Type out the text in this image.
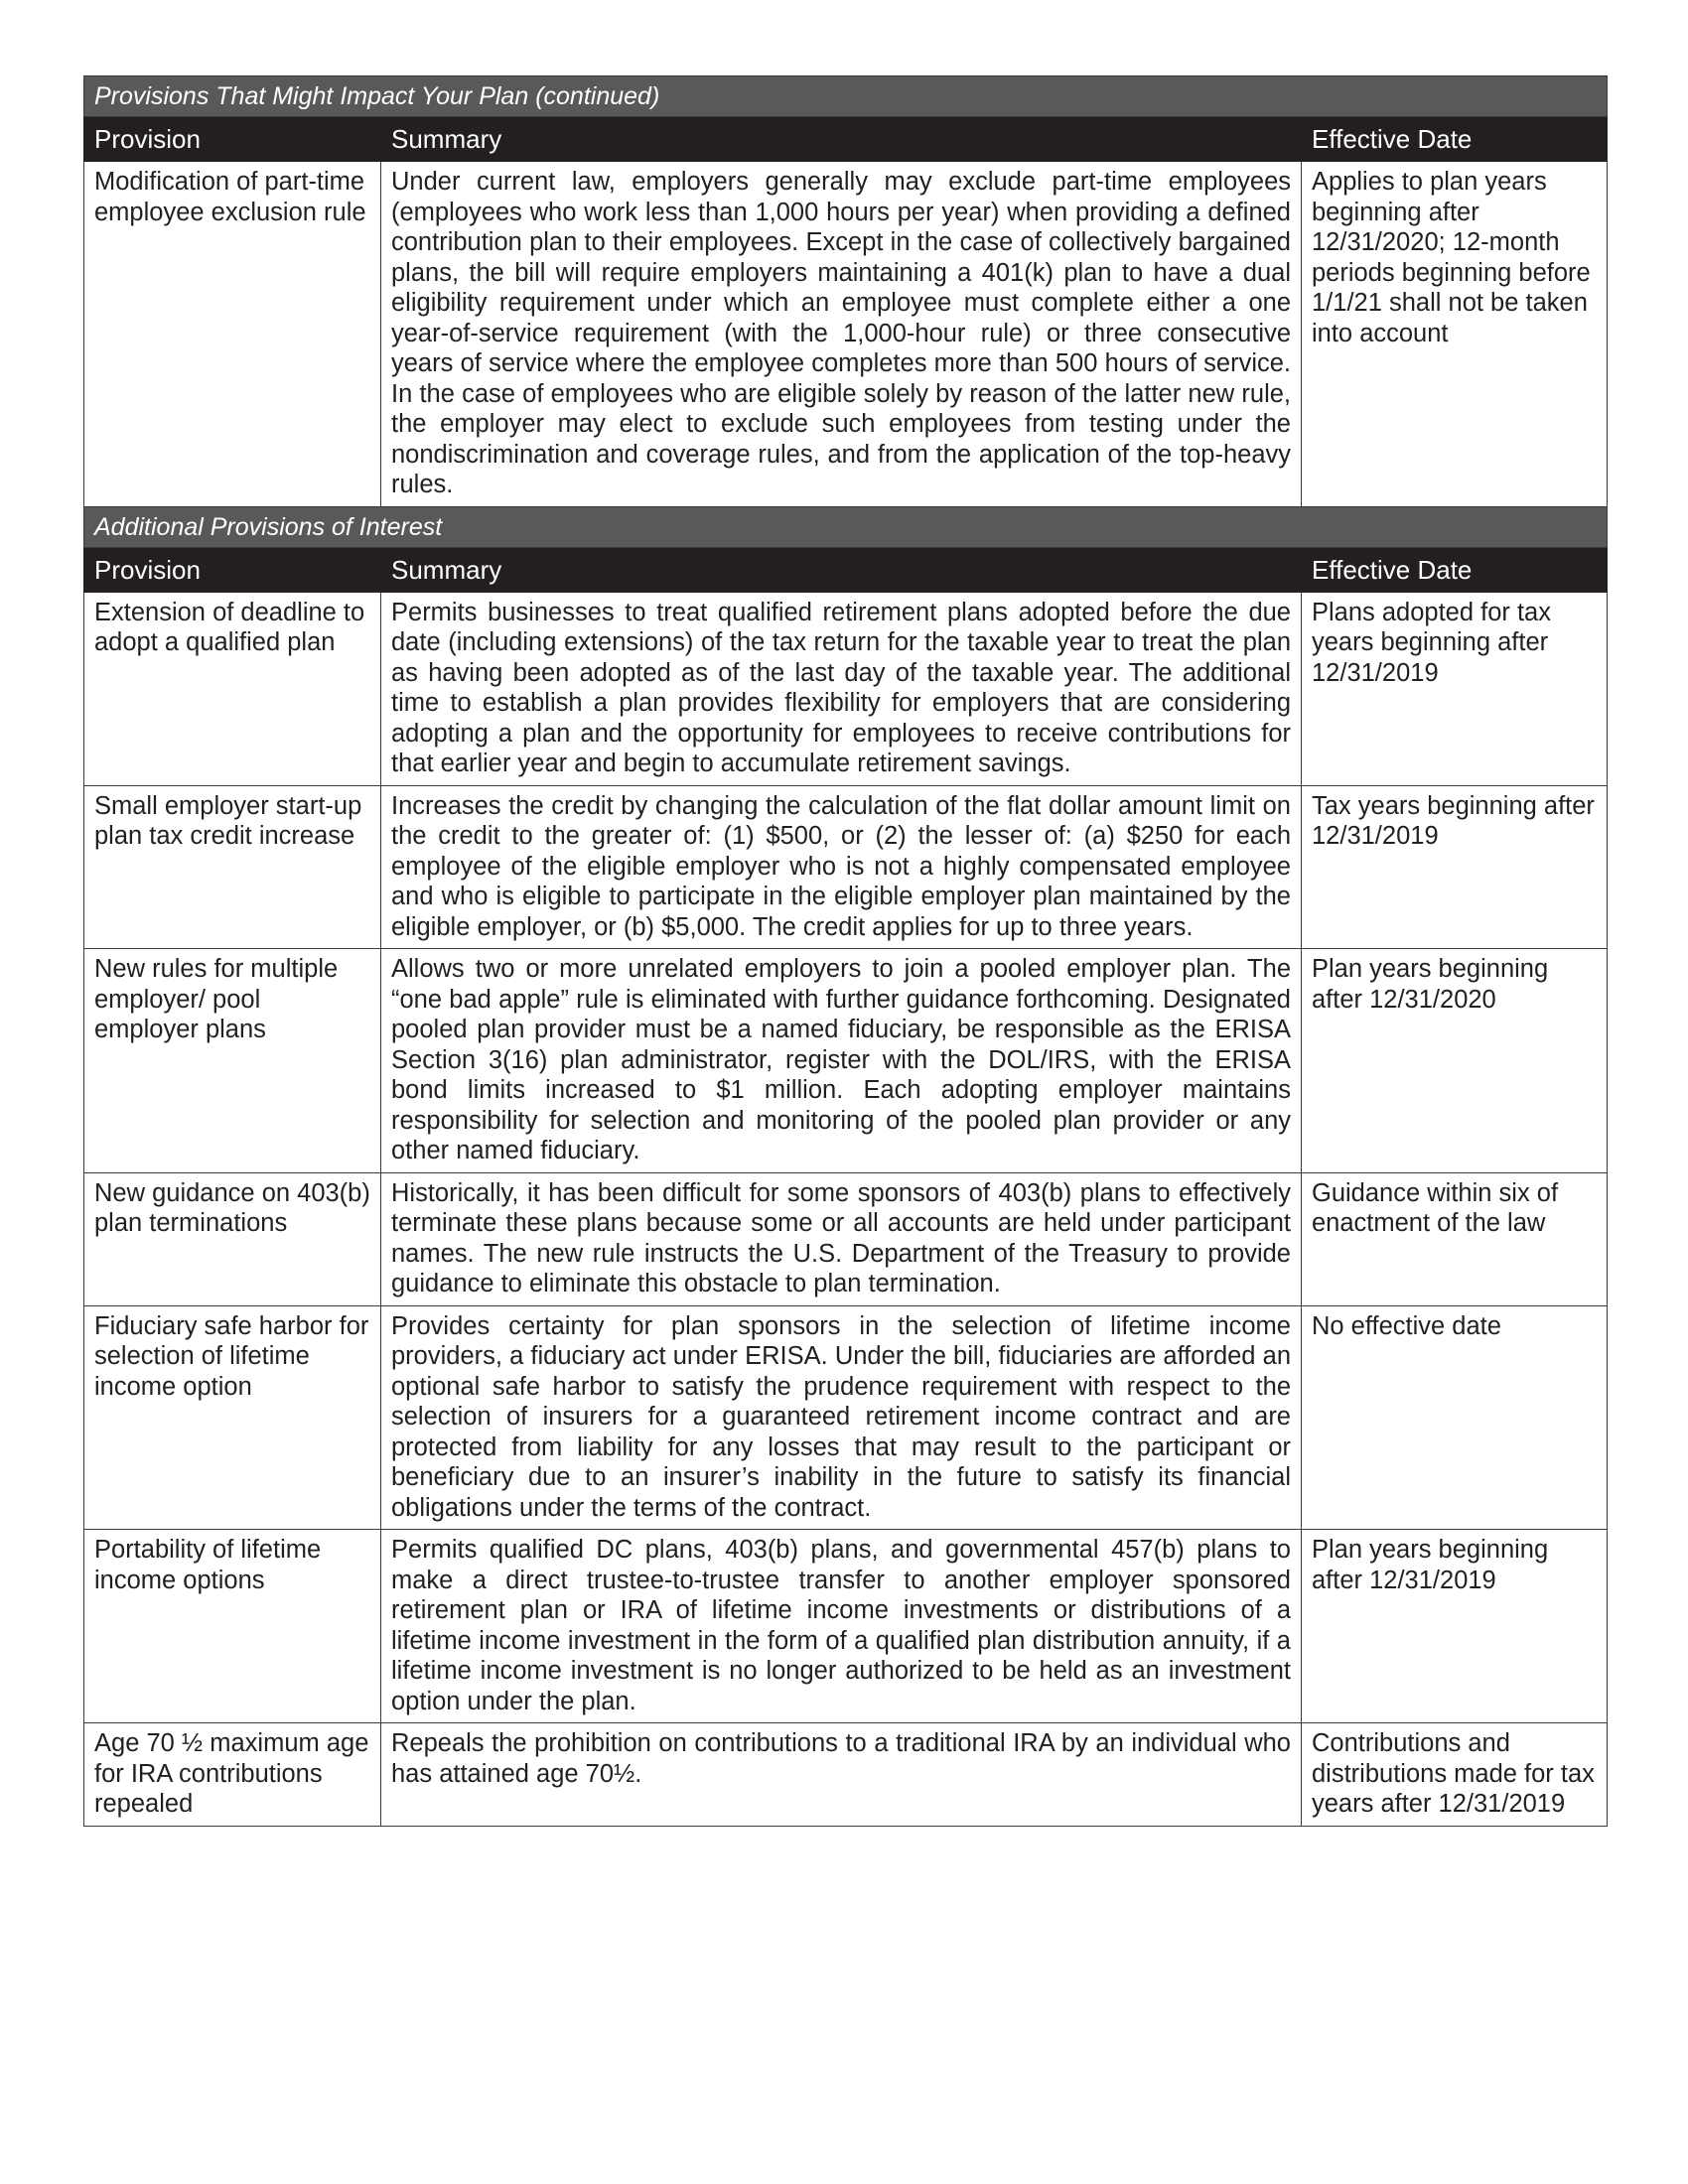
Provisions That Might Impact Your Plan (continued)		
Provision	Summary	Effective Date
Modification of part-time employee exclusion rule	Under current law, employers generally may exclude part-time employees (employees who work less than 1,000 hours per year) when providing a defined contribution plan to their employees. Except in the case of collectively bargained plans, the bill will require employers maintaining a 401(k) plan to have a dual eligibility requirement under which an employee must complete either a one year-of-service requirement (with the 1,000-hour rule) or three consecutive years of service where the employee completes more than 500 hours of service. In the case of employees who are eligible solely by reason of the latter new rule, the employer may elect to exclude such employees from testing under the nondiscrimination and coverage rules, and from the application of the top-heavy rules.	Applies to plan years beginning after 12/31/2020; 12-month periods beginning before 1/1/21 shall not be taken into account
Additional Provisions of Interest		
Provision	Summary	Effective Date
Extension of deadline to adopt a qualified plan	Permits businesses to treat qualified retirement plans adopted before the due date (including extensions) of the tax return for the taxable year to treat the plan as having been adopted as of the last day of the taxable year. The additional time to establish a plan provides flexibility for employers that are considering adopting a plan and the opportunity for employees to receive contributions for that earlier year and begin to accumulate retirement savings.	Plans adopted for tax years beginning after 12/31/2019
Small employer start-up plan tax credit increase	Increases the credit by changing the calculation of the flat dollar amount limit on the credit to the greater of: (1) $500, or (2) the lesser of: (a) $250 for each employee of the eligible employer who is not a highly compensated employee and who is eligible to participate in the eligible employer plan maintained by the eligible employer, or (b) $5,000. The credit applies for up to three years.	Tax years beginning after 12/31/2019
New rules for multiple employer/ pool employer plans	Allows two or more unrelated employers to join a pooled employer plan. The “one bad apple” rule is eliminated with further guidance forthcoming. Designated pooled plan provider must be a named fiduciary, be responsible as the ERISA Section 3(16) plan administrator, register with the DOL/IRS, with the ERISA bond limits increased to $1 million. Each adopting employer maintains responsibility for selection and monitoring of the pooled plan provider or any other named fiduciary.	Plan years beginning after 12/31/2020
New guidance on 403(b) plan terminations	Historically, it has been difficult for some sponsors of 403(b) plans to effectively terminate these plans because some or all accounts are held under participant names. The new rule instructs the U.S. Department of the Treasury to provide guidance to eliminate this obstacle to plan termination.	Guidance within six of enactment of the law
Fiduciary safe harbor for selection of lifetime income option	Provides certainty for plan sponsors in the selection of lifetime income providers, a fiduciary act under ERISA. Under the bill, fiduciaries are afforded an optional safe harbor to satisfy the prudence requirement with respect to the selection of insurers for a guaranteed retirement income contract and are protected from liability for any losses that may result to the participant or beneficiary due to an insurer’s inability in the future to satisfy its financial obligations under the terms of the contract.	No effective date
Portability of lifetime income options	Permits qualified DC plans, 403(b) plans, and governmental 457(b) plans to make a direct trustee-to-trustee transfer to another employer sponsored retirement plan or IRA of lifetime income investments or distributions of a lifetime income investment in the form of a qualified plan distribution annuity, if a lifetime income investment is no longer authorized to be held as an investment option under the plan.	Plan years beginning after 12/31/2019
Age 70 ½ maximum age for IRA contributions repealed	Repeals the prohibition on contributions to a traditional IRA by an individual who has attained age 70½.	Contributions and distributions made for tax years after 12/31/2019
